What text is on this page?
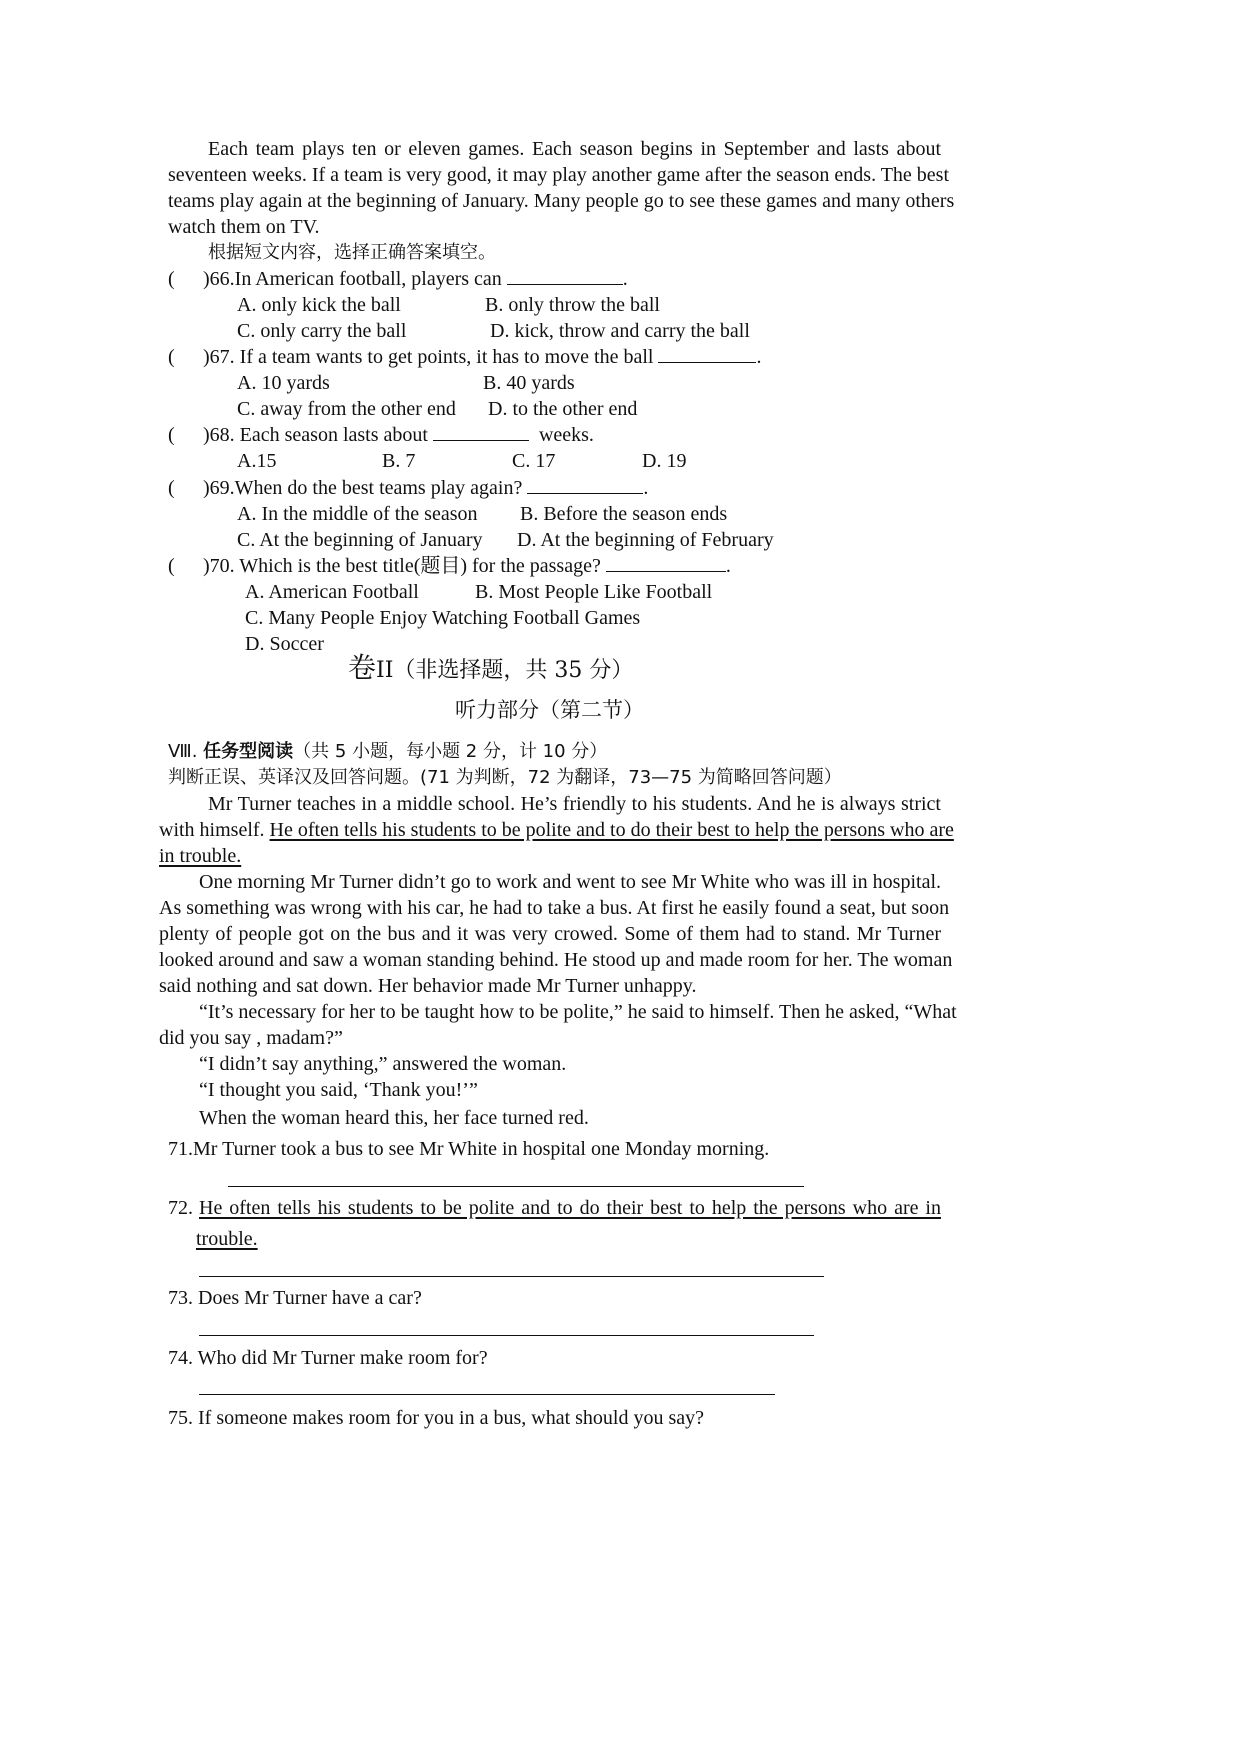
Each team plays ten or eleven games. Each season begins in September and lasts about
seventeen weeks. If a team is very good, it may play another game after the season ends. The best
teams play again at the beginning of January. Many people go to see these games and many others
watch them on TV.
根据短文内容，选择正确答案填空。
( )66.In American football, players can	.
A. only kick the ball	B. only throw the ball
C. only carry the ball	D. kick, throw and carry the ball
( )67. If a team wants to get points, it has to move the ball	.
A. 10 yards	B. 40 yards
C. away from the other end D. to the other end
( )68. Each season lasts about	weeks.
A.15	B. 7	C. 17	D. 19
( )69.When do the best teams play again?	.
A. In the middle of the season B. Before the season ends
C. At the beginning of January D. At the beginning of February
( )70. Which is the best title(题目) for the passage?	.
A. American Football	B. Most People Like Football
C. Many People Enjoy Watching Football Games
D. Soccer
卷II（非选择题，共 35 分）
听力部分（第二节）
Ⅷ. 任务型阅读（共 5 小题，每小题 2 分，计 10 分）
判断正误、英译汉及回答问题。(71 为判断，72 为翻译，73—75 为简略回答问题）
Mr Turner teaches in a middle school. He’s friendly to his students. And he is always strict
with himself. He often tells his students to be polite and to do their best to help the persons who are
in trouble.
One morning Mr Turner didn’t go to work and went to see Mr White who was ill in hospital.
As something was wrong with his car, he had to take a bus. At first he easily found a seat, but soon
plenty of people got on the bus and it was very crowed. Some of them had to stand. Mr Turner
looked around and saw a woman standing behind. He stood up and made room for her. The woman
said nothing and sat down. Her behavior made Mr Turner unhappy.
“It’s necessary for her to be taught how to be polite,” he said to himself. Then he asked, “What
did you say , madam?”
“I didn’t say anything,” answered the woman.
“I thought you said, ‘Thank you!’”
When the woman heard this, her face turned red.
71.Mr Turner took a bus to see Mr White in hospital one Monday morning.
72. He often tells his students to be polite and to do their best to help the persons who are in
trouble.
73. Does Mr Turner have a car?
74. Who did Mr Turner make room for?
75. If someone makes room for you in a bus, what should you say?
